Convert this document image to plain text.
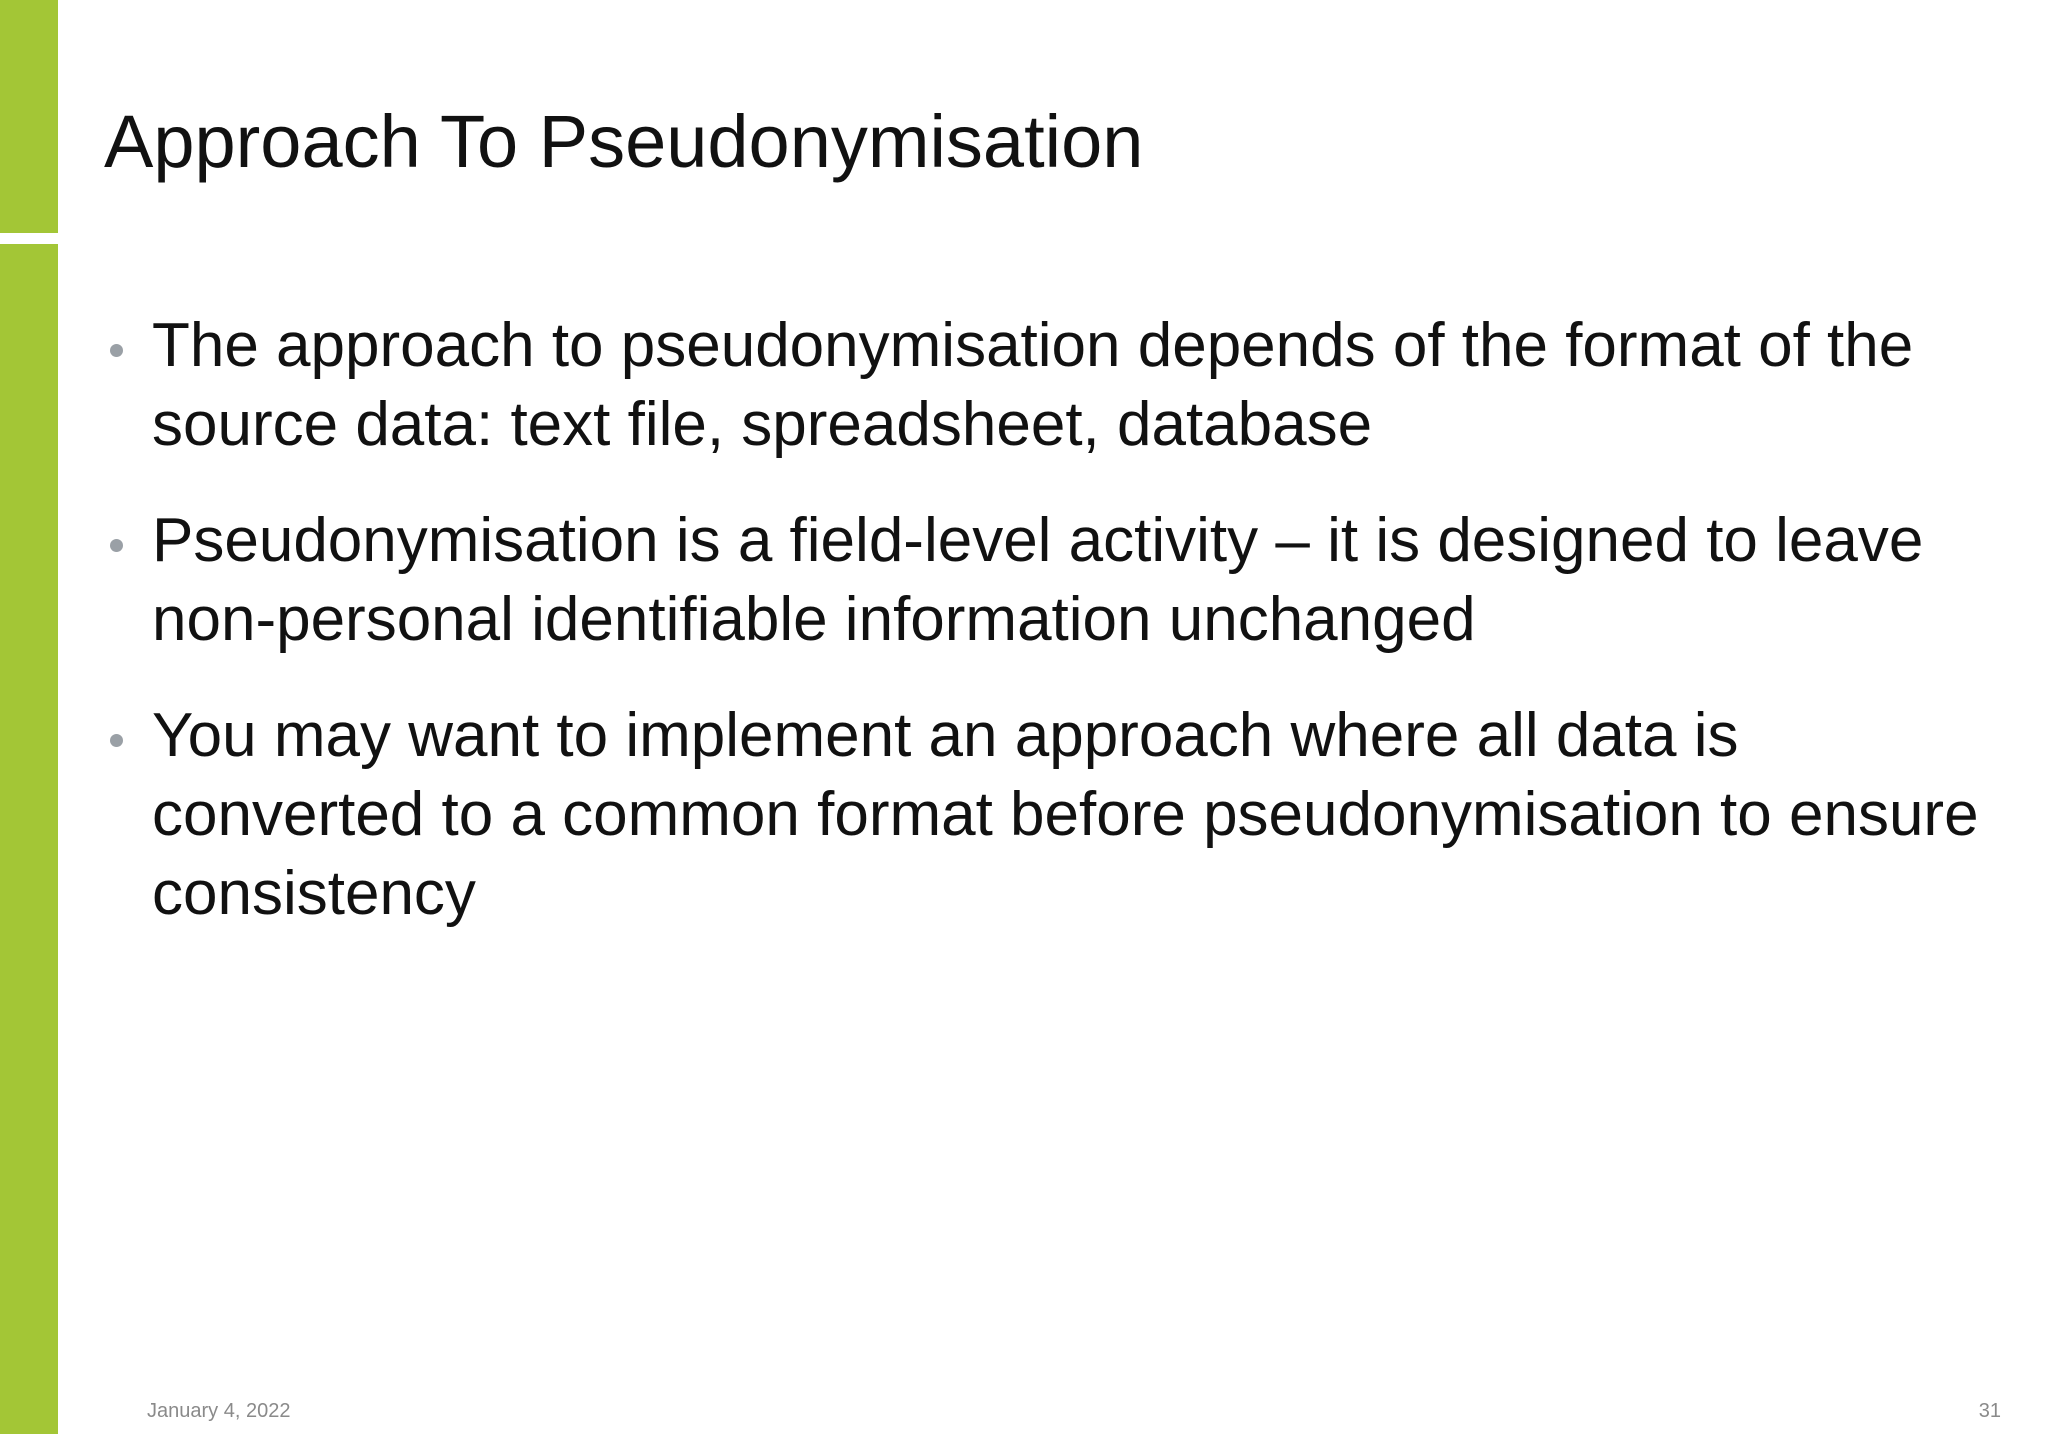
Approach To Pseudonymisation
The approach to pseudonymisation depends of the format of the source data: text file, spreadsheet, database
Pseudonymisation is a field-level activity – it is designed to leave non-personal identifiable information unchanged
You may want to implement an approach where all data is converted to a common format before pseudonymisation to ensure consistency
January 4, 2022	31
